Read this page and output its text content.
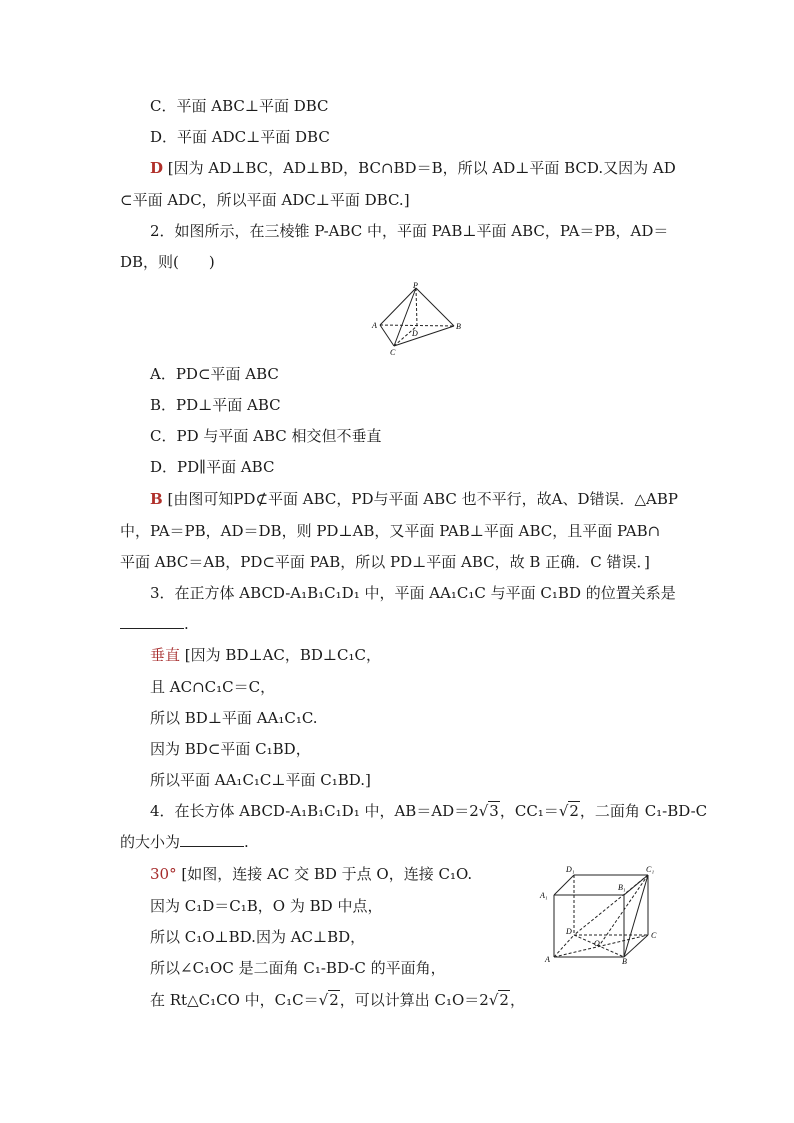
C．平面 ABC⊥平面 DBC
D．平面 ADC⊥平面 DBC
D [因为 AD⊥BC，AD⊥BD，BC∩BD＝B，所以 AD⊥平面 BCD.又因为 AD
⊂平面 ADC，所以平面 ADC⊥平面 DBC.]
2．如图所示，在三棱锥 P-ABC 中，平面 PAB⊥平面 ABC，PA＝PB，AD＝
DB，则(　　)
P
A	B
C
D
A．PD⊂平面 ABC
B．PD⊥平面 ABC
C．PD 与平面 ABC 相交但不垂直
D．PD∥平面 ABC
B [由图可知PD⊄平面 ABC，PD与平面 ABC 也不平行，故A、D错误．△ABP
中，PA＝PB，AD＝DB，则 PD⊥AB，又平面 PAB⊥平面 ABC，且平面 PAB∩
平面 ABC＝AB，PD⊂平面 PAB，所以 PD⊥平面 ABC，故 B 正确．C 错误．]
3．在正方体 ABCD-A₁B₁C₁D₁ 中，平面 AA₁C₁C 与平面 C₁BD 的位置关系是
.
垂直 [因为 BD⊥AC，BD⊥C₁C，
且 AC∩C₁C＝C，
所以 BD⊥平面 AA₁C₁C.
因为 BD⊂平面 C₁BD，
所以平面 AA₁C₁C⊥平面 C₁BD.]
4．在长方体 ABCD-A₁B₁C₁D₁ 中，AB＝AD＝2√3，CC₁＝√2，二面角 C₁-BD-C
的大小为	.
30° [如图，连接 AC 交 BD 于点 O，连接 C₁O.
因为 C₁D＝C₁B，O 为 BD 中点，
所以 C₁O⊥BD.因为 AC⊥BD，
所以∠C₁OC 是二面角 C₁-BD-C 的平面角，
在 Rt△C₁CO 中，C₁C＝√2，可以计算出 C₁O＝2√2，
D₁	C₁
A₁
B₁
D
O
C
A	B
